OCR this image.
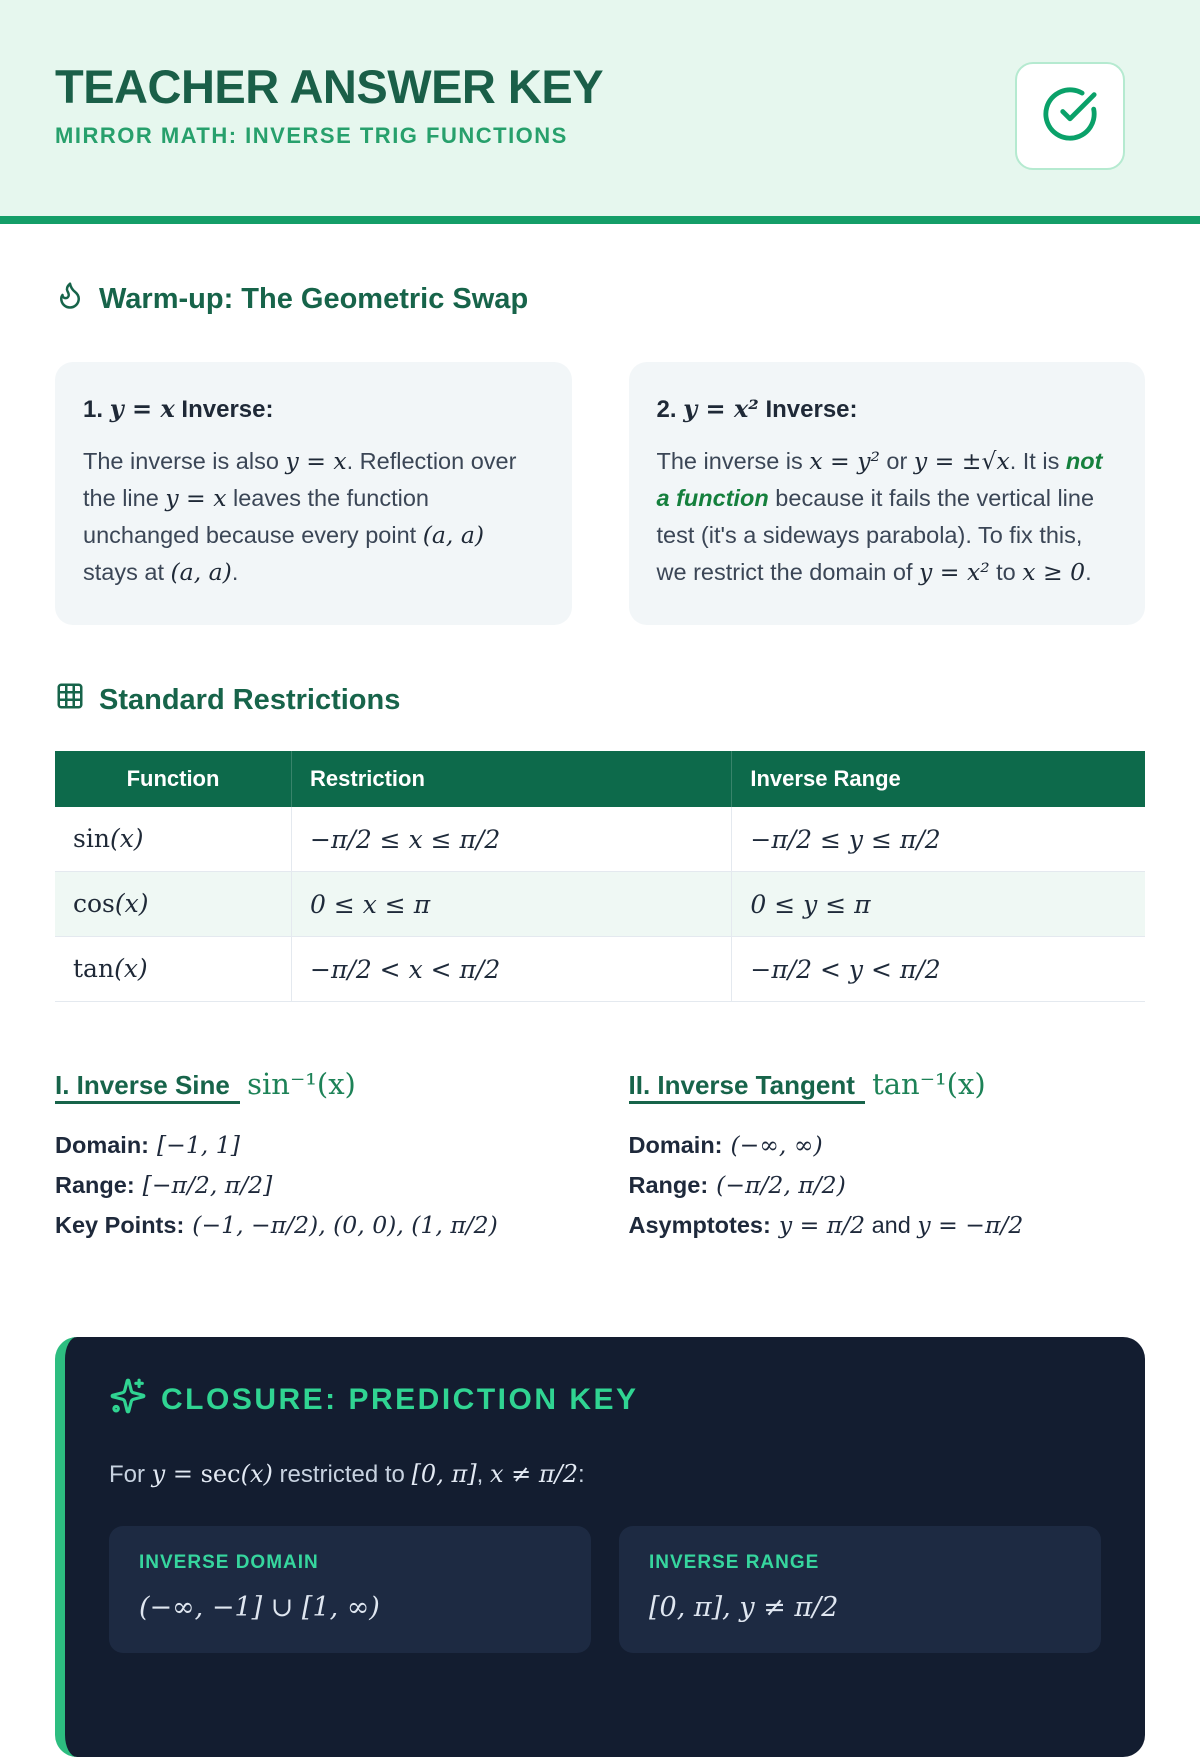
TEACHER ANSWER KEY
MIRROR MATH: INVERSE TRIG FUNCTIONS
Warm-up: The Geometric Swap
1. y = x Inverse:

The inverse is also y = x. Reflection over the line y = x leaves the function unchanged because every point (a, a) stays at (a, a).

2. y = x² Inverse:

The inverse is x = y² or y = ±√x. It is not a function because it fails the vertical line test (it's a sideways parabola). To fix this, we restrict the domain of y = x² to x ≥ 0.

Standard Restrictions
Function	Restriction	Inverse Range
sin(x)	−π/2 ≤ x ≤ π/2	−π/2 ≤ y ≤ π/2
cos(x)	0 ≤ x ≤ π	0 ≤ y ≤ π
tan(x)	−π/2 < x < π/2	−π/2 < y < π/2
I. Inverse Sine sin⁻¹(x)
Domain: [−1, 1]
Range: [−π/2, π/2]
Key Points: (−1, −π/2), (0, 0), (1, π/2)
II. Inverse Tangent tan⁻¹(x)
Domain: (−∞, ∞)
Range: (−π/2, π/2)
Asymptotes: y = π/2 and y = −π/2
CLOSURE: PREDICTION KEY

For y = sec(x) restricted to [0, π], x ≠ π/2:

INVERSE DOMAIN
(−∞, −1] ∪ [1, ∞)
INVERSE RANGE
[0, π], y ≠ π/2
